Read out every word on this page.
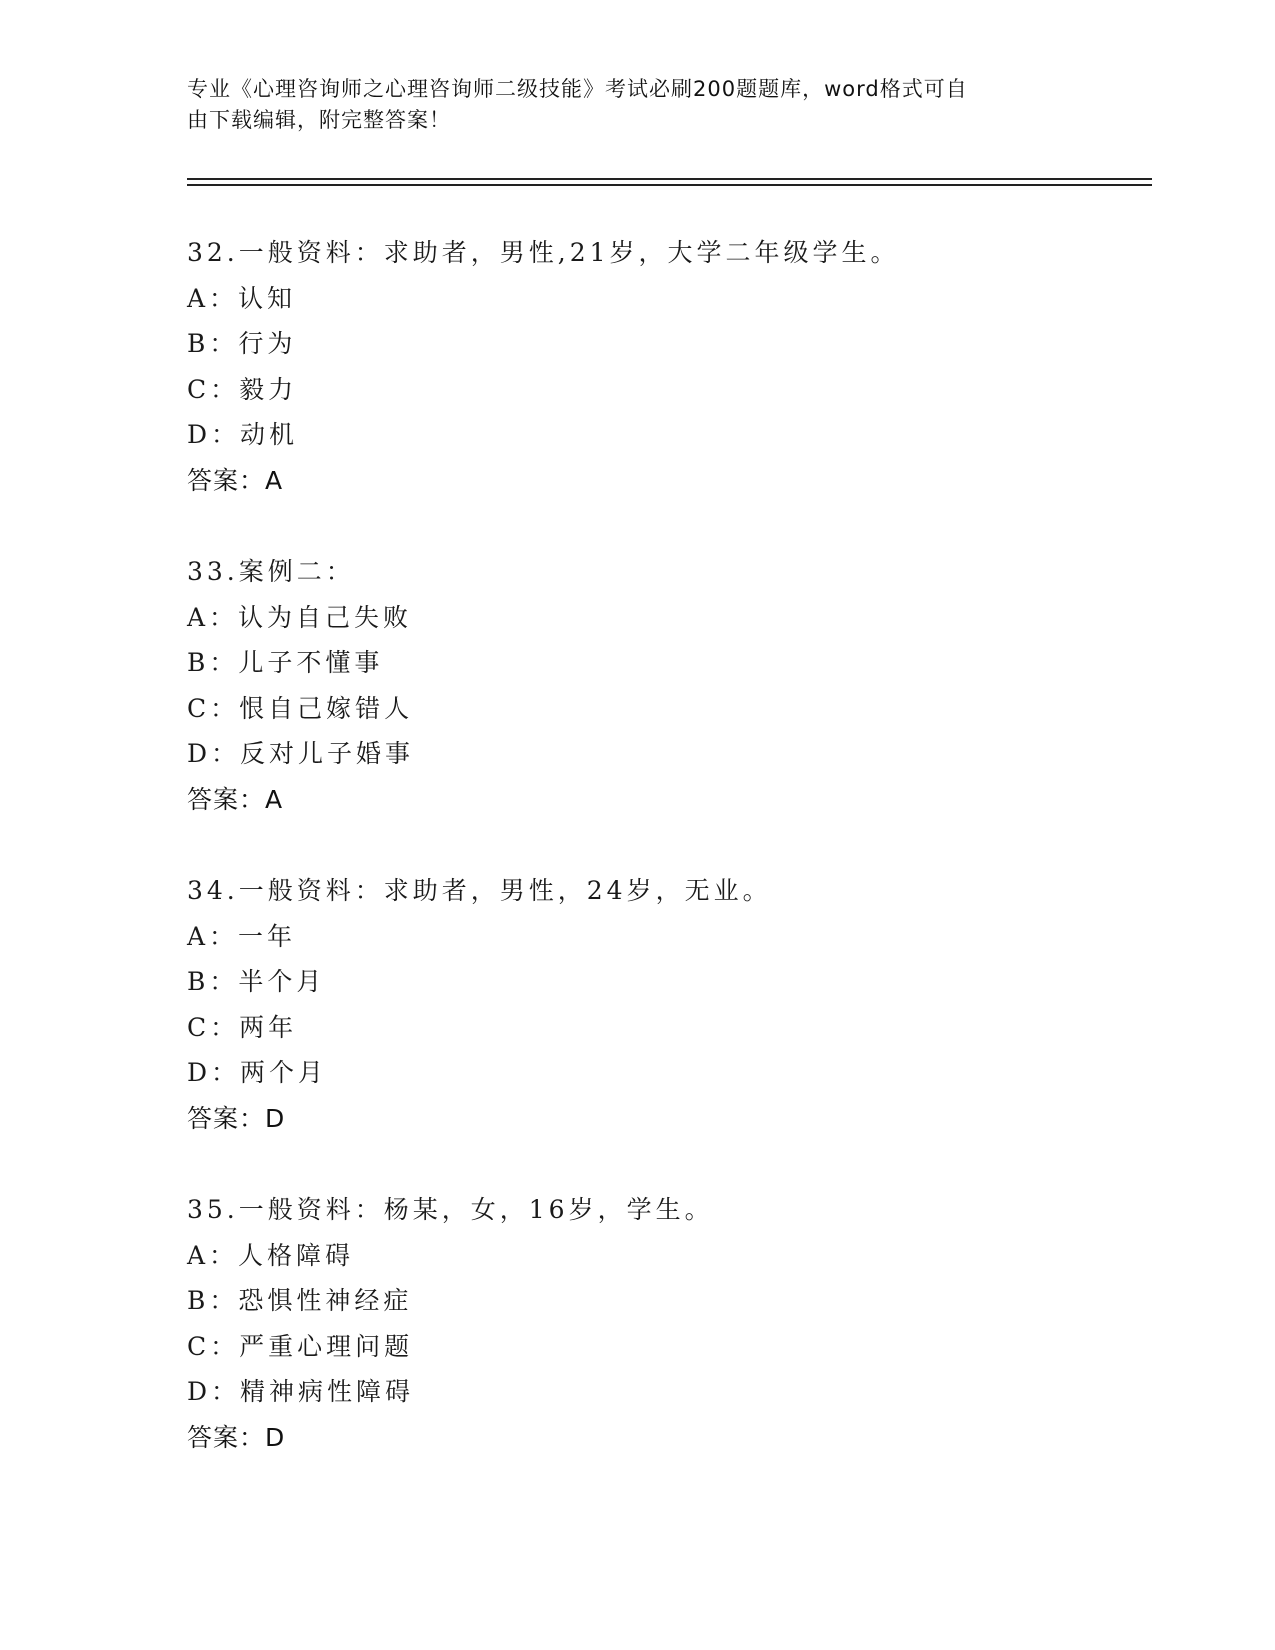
专业《心理咨询师之心理咨询师二级技能》考试必刷200题题库，word格式可自
由下载编辑，附完整答案！
32.一般资料：求助者，男性,21岁，大学二年级学生。
A：认知
B：行为
C：毅力
D：动机
答案：A
33.案例二：
A：认为自己失败
B：儿子不懂事
C：恨自己嫁错人
D：反对儿子婚事
答案：A
34.一般资料：求助者，男性，24岁，无业。
A：一年
B：半个月
C：两年
D：两个月
答案：D
35.一般资料：杨某，女，16岁，学生。
A：人格障碍
B：恐惧性神经症
C：严重心理问题
D：精神病性障碍
答案：D
